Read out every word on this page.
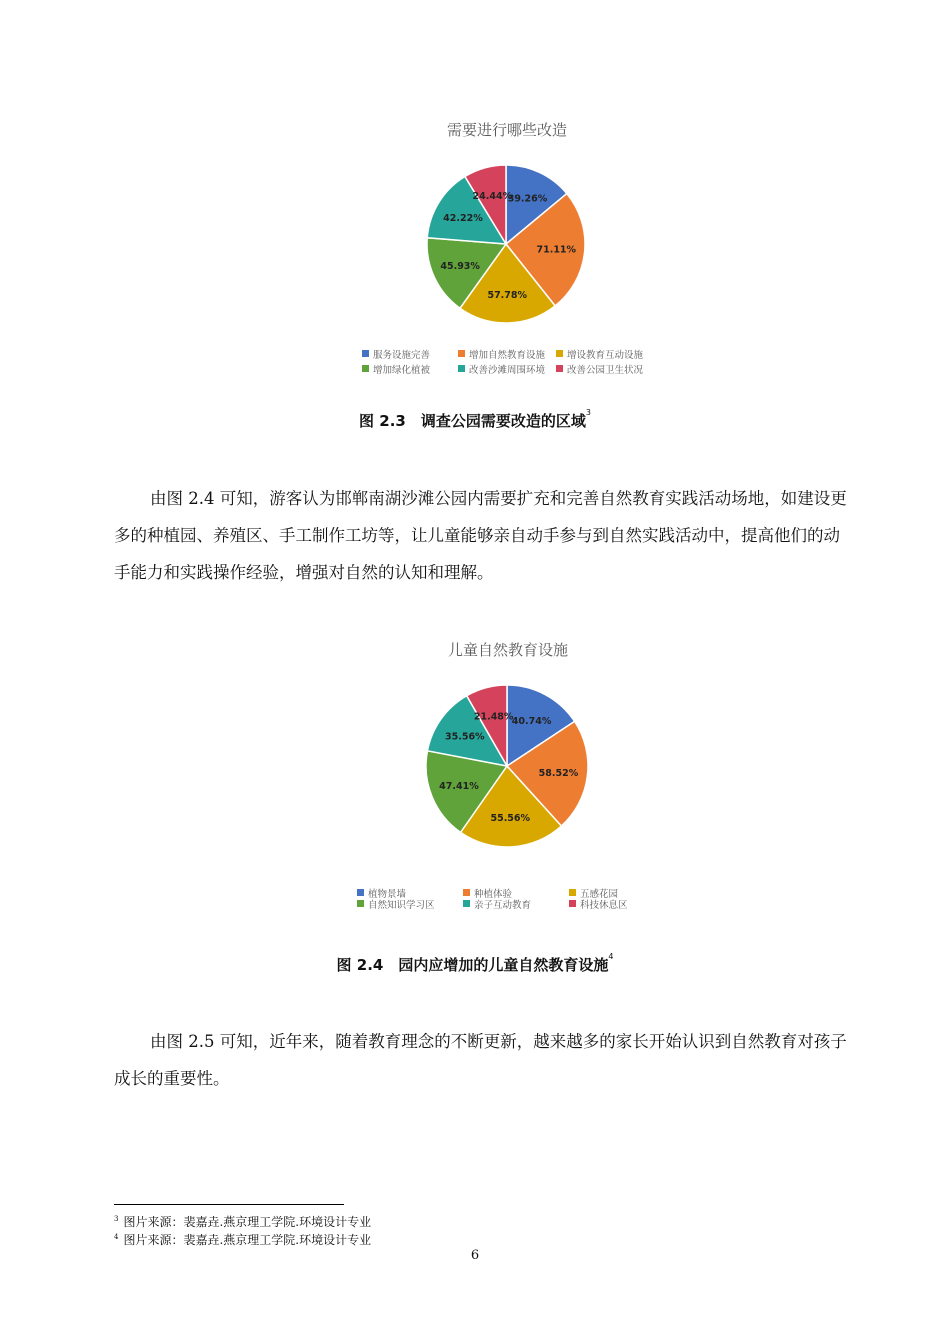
需要进行哪些改造
39.26%
71.11%
57.78%
45.93%
42.22%
24.44%
服务设施完善	增加自然教育设施 增设教育互动设施
增加绿化植被	改善沙滩周围环境 改善公园卫生状况
图 2.3　调查公园需要改造的区域$^3$
由图 2.4 可知，游客认为邯郸南湖沙滩公园内需要扩充和完善自然教育实践活动场地，如建设更多的种植园、养殖区、手工制作工坊等，让儿童能够亲自动手参与到自然实践活动中，提高他们的动手能力和实践操作经验，增强对自然的认知和理解。
儿童自然教育设施
40.74%
58.52%
55.56%
47.41%
35.56%
21.48%
植物景墙	种植体验	五感花园
自然知识学习区	亲子互动教育	科技休息区
图 2.4　园内应增加的儿童自然教育设施$^4$
由图 2.5 可知，近年来，随着教育理念的不断更新，越来越多的家长开始认识到自然教育对孩子成长的重要性。
$^3$ 图片来源：裴嘉垚.燕京理工学院.环境设计专业
$^4$ 图片来源：裴嘉垚.燕京理工学院.环境设计专业
6
